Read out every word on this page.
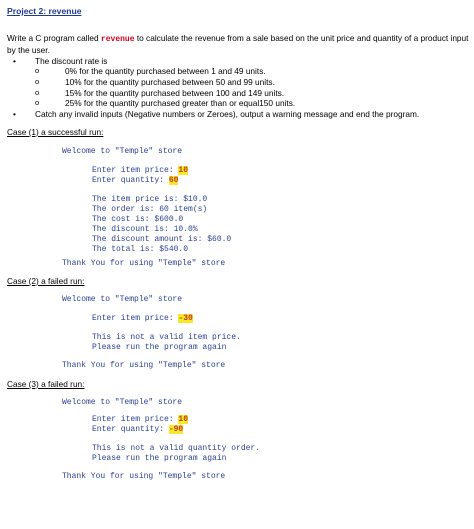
Project 2: revenue
Write a C program called revenue to calculate the revenue from a sale based on the unit price and quantity of a product input by the user.
• The discount rate is
o 0% for the quantity purchased between 1 and 49 units.
o 10% for the quantity purchased between 50 and 99 units.
o 15% for the quantity purchased between 100 and 149 units.
o 25% for the quantity purchased greater than or equal150 units.
• Catch any invalid inputs (Negative numbers or Zeroes), output a warning message and end the program.
Case (1) a successful run:
Welcome to "Temple" store
Enter item price: 10
Enter quantity: 60
The item price is: $10.0
The order is: 60 item(s)
The cost is: $600.0
The discount is: 10.0%
The discount amount is: $60.0
The total is: $540.0
Thank You for using "Temple" store
Case (2) a failed run:
Welcome to "Temple" store
Enter item price: -30
This is not a valid item price.
Please run the program again
Thank You for using "Temple" store
Case (3) a failed run:
Welcome to "Temple" store
Enter item price: 10
Enter quantity: -90
This is not a valid quantity order.
Please run the program again
Thank You for using "Temple" store
